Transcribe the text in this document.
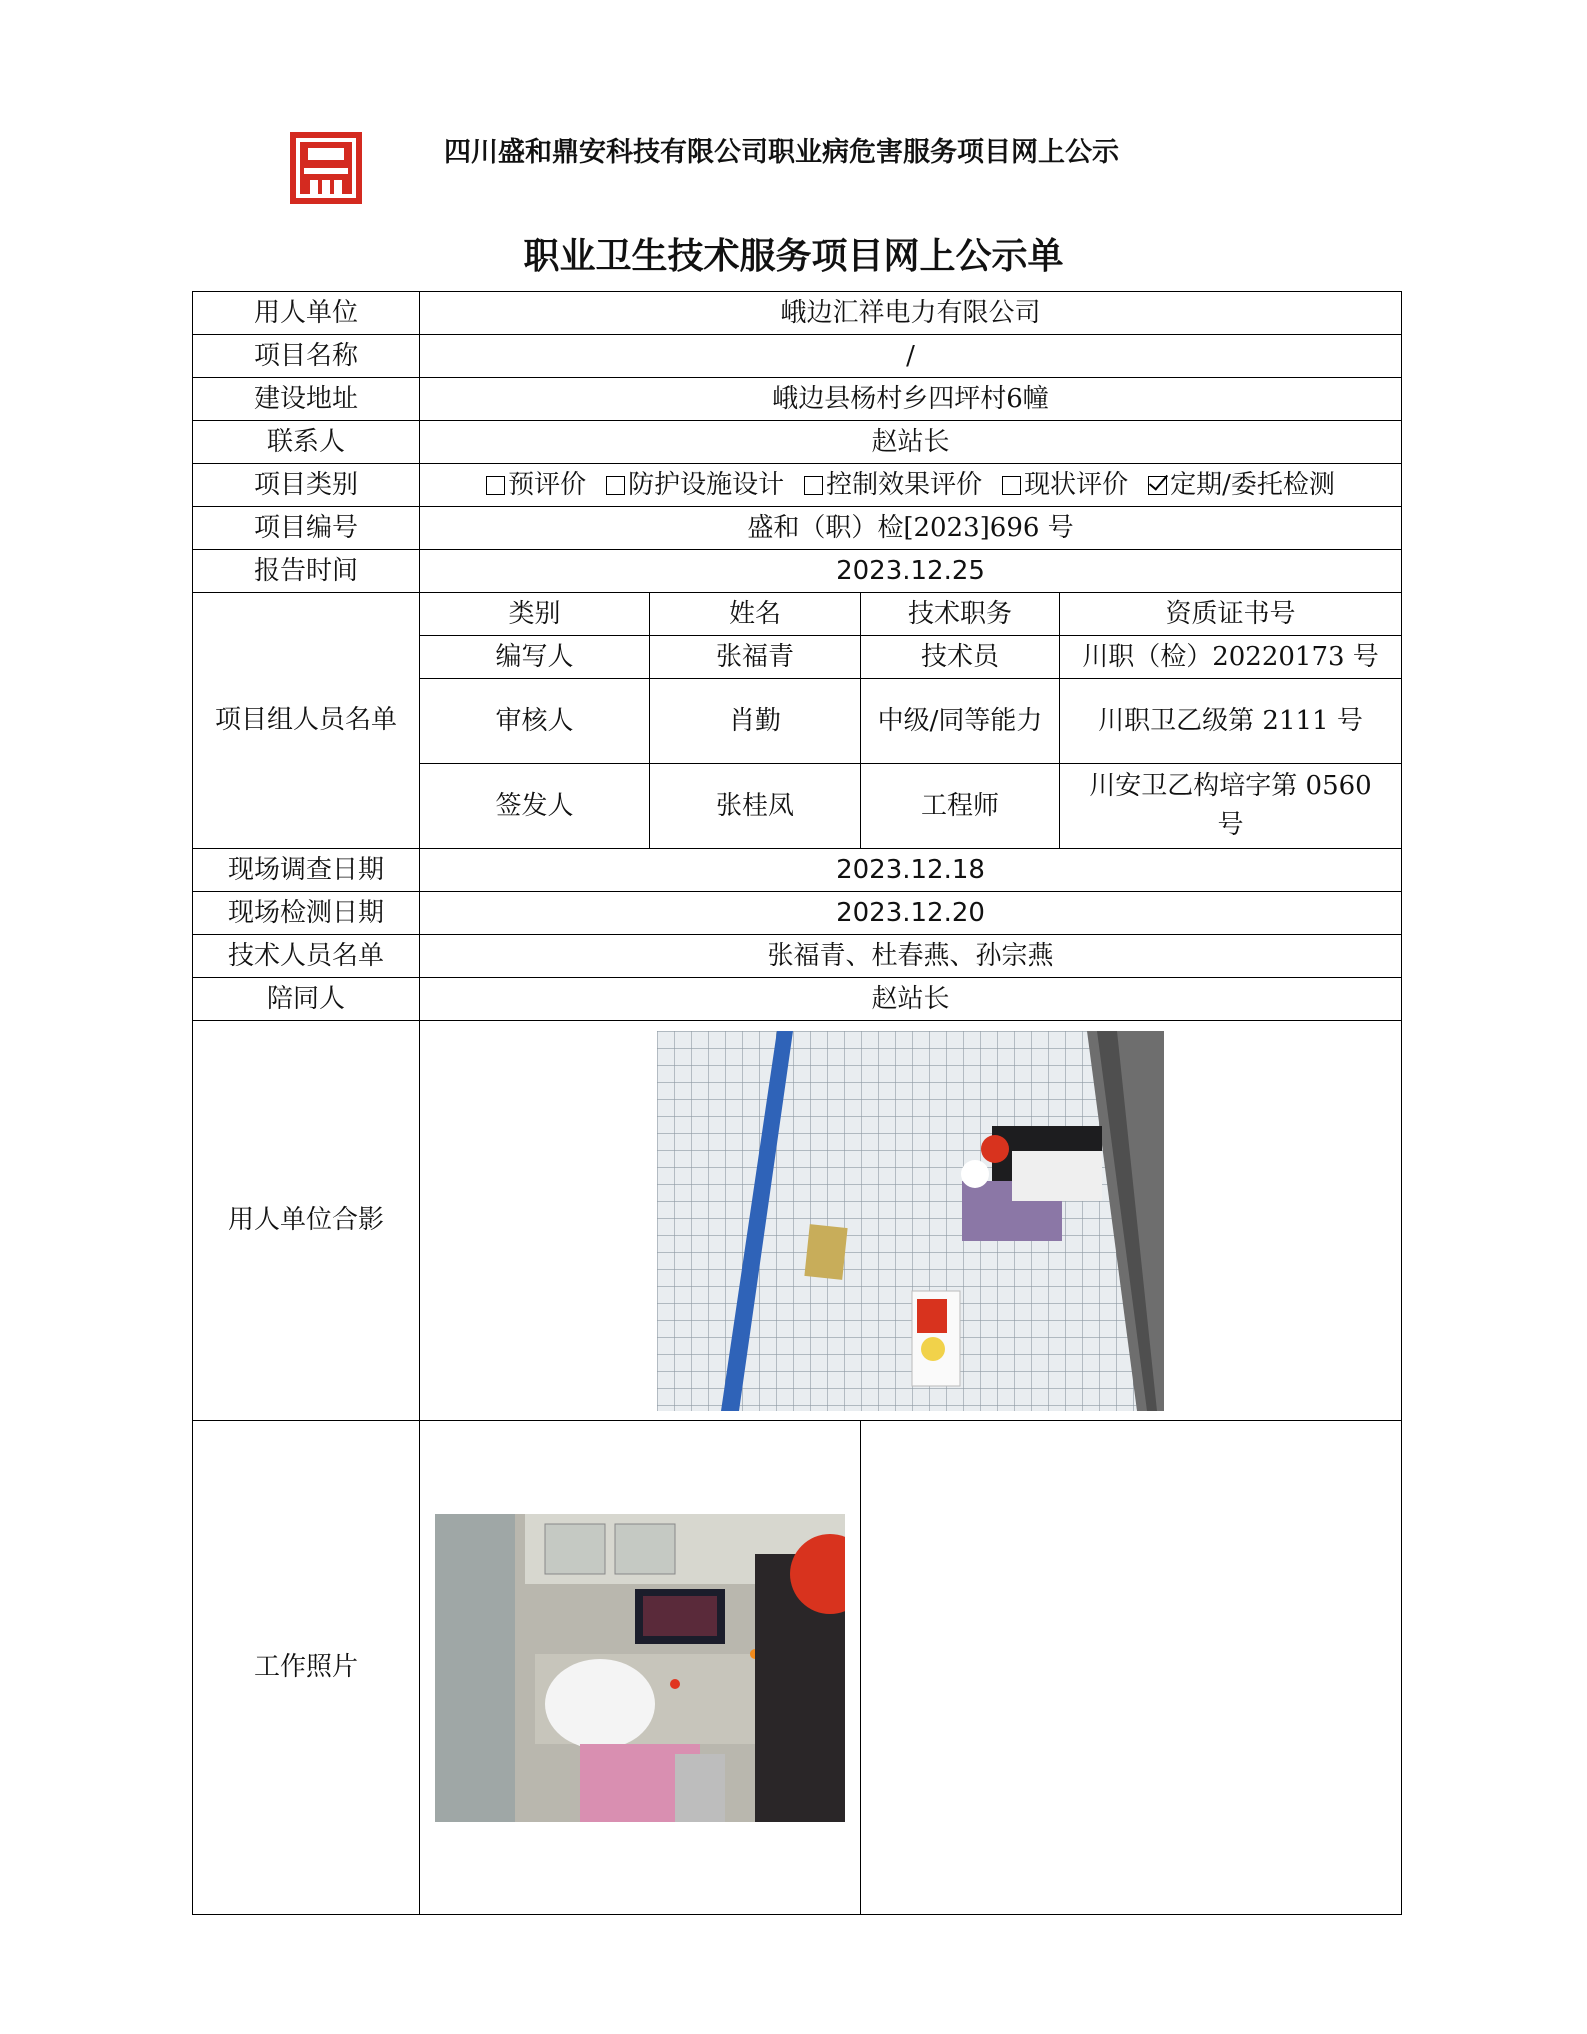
四川盛和鼎安科技有限公司职业病危害服务项目网上公示
职业卫生技术服务项目网上公示单
用人单位	峨边汇祥电力有限公司			
项目名称	/			
建设地址	峨边县杨村乡四坪村6幢			
联系人	赵站长			
项目类别	预评价 防护设施设计 控制效果评价 现状评价 定期/委托检测			

项目编号	盛和（职）检[2023]696 号			
报告时间	2023.12.25			
项目组人员名单	类别	姓名	技术职务	资质证书号
	编写人	张福青	技术员	川职（检）20220173 号
	审核人	肖勤	中级/同等能力	川职卫乙级第 2111 号
	签发人	张桂凤	工程师	川安卫乙构培字第 0560 号
现场调查日期	2023.12.18			
现场检测日期	2023.12.20			
技术人员名单	张福青、杜春燕、孙宗燕			
陪同人	赵站长			
用人单位合影	

工作照片	
